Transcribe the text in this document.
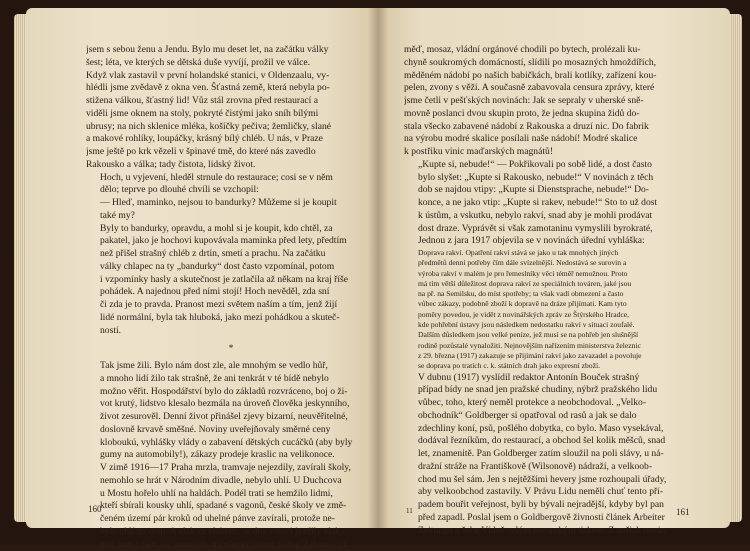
jsem s sebou ženu a Jendu. Bylo mu deset let, na začátku války
šest; léta, ve kterých se dětská duše vyvíjí, prožil ve válce.
Když vlak zastavil v první holandské stanici, v Oldenzaalu, vy-
hlédli jsme zvědavě z okna ven. Šťastná země, která nebyla po-
stižena válkou, šťastný lid! Vůz stál zrovna před restaurací a
viděli jsme oknem na stoly, pokryté čistými jako sníh bílými
ubrusy; na nich sklenice mléka, košíčky pečiva; žemličky, slané
a makové rohlíky, loupáčky, krásný bílý chléb. U nás, v Praze
jsme ještě po krk vězeli v špinavé tmě, do které nás zavedlo
Rakousko a válka; tady čistota, lidský život.

Hoch, u vyjevení, hleděl strnule do restaurace; cosi se v něm
dělo; teprve po dlouhé chvíli se vzchopil:

— Hleď, maminko, nejsou to bandurky? Můžeme si je koupit
také my?

Byly to bandurky, opravdu, a mohl si je koupit, kdo chtěl, za
pakatel, jako je hochovi kupovávala maminka před lety, předtím
než přišel strašný chléb z drtin, smetí a prachu. Na začátku
války chlapec na ty „bandurky“ dost často vzpomínal, potom
i vzpomínky hasly a skutečnost je zatlačila až někam na kraj říše
pohádek. A najednou před ními stojí! Hoch nevěděl, zda sní
či zda je to pravda. Pranost mezi světem naším a tím, jenž žijí
lidé normální, byla tak hluboká, jako mezi pohádkou a skuteč-
ností.

*

Tak jsme žili. Bylo nám dost zle, ale mnohým se vedlo hůř,
a mnoho lidí žilo tak strašně, že ani tenkrát v té bídě nebylo
možno věřit. Hospodářství bylo do základů rozvráceno, boj o ži-
vot krutý, lidstvo klesalo bezmála na úroveň člověka jeskynního,
život zesurověl. Denní život přinášel zjevy bizarní, neuvěřitelné,
doslovně krvavě směšné. Noviny uveřejňovaly směrné ceny
kloboukú, vyhlášky vlády o zabavení dětských cucáčků (aby byly
gumy na automobily!), zákazy prodeje kraslic na velikonoce.
V zimě 1916—17 Praha mrzla, tramvaje nejezdily, zavírali školy,
nemohlo se hrát v Národním divadle, nebylo uhlí. U Duchcova
u Mostu hořelo uhlí na haldách. Podél trati se hemžilo lidmi,
kteří sbírali kousky uhlí, spadané s vagonů, české školy ve změ-
čeném území pár kroků od uhelné pánve zavírali, protože ne-
bylo uhlí na otop. A vlak za vlakem, ve dne v noci jezdily vlaky
uhlí sem a tam, na sever, jih, na všecky strany světa. Zabavovali

160

měď, mosaz, vládní orgánové chodili po bytech, prolézali ku-
chyně soukromých domácností, slídili po mosazných hmoždířích,
měděném nádobí po našich babičkách, brali kotlíky, zařízení kou-
pelen, zvony s věží. A současně zabavovala censura zprávy, které
jsme četli v pešťských novinách: Jak se sepraly v uherské sně-
movně poslanci dvou skupin proto, že jedna skupina židů do-
stala všecko zabavené nádobí z Rakouska a druzí nic. Do fabrik
na výrobu modré skalice posílali naše nádobí! Modré skalice
k postřiku vinic maďarských magnátů!

„Kupte si, nebude!“ — Pokřikovali po sobě lidé, a dost často
bylo slyšet: „Kupte si Rakousko, nebude!“ V novinách z těch
dob se najdou vtipy: „Kupte si Dienstsprache, nebude!“ Do-
konce, a ne jako vtip: „Kupte si rakev, nebude!“ Sto to už dost
k ústům, a vskutku, nebylo rakví, snad aby je mohli prodávat
dost draze. Vyprávět si však zamotaninu vymyslili byrokraté,
Jednou z jara 1917 objevila se v novinách úřední vyhláška:

Doprava rakví. Opatření rakví stává se jako u tak mnohých jiných
předmětů denní potřeby čím dále svízelnější. Nedostává se surovin a
výroba rakví v malém je pro řemeslníky věcí téměř nemožnou. Proto
má tím větší důležitost doprava rakví ze speciálních továren, jaké jsou
na př. na Semilsku, do míst spotřeby; ta však vadí obmezení a často
vůbec zákazy, podobně zboží k dopravě na dráze přijímati. Kam tyto
poměry povedou, je vidět z novinářských zpráv ze Štýrského Hradce,
kde pohřební ústavy jsou následkem nedostatku rakví v situaci zoufalé.
Dalším důsledkem jsou velké peníze, jež musí se na pohřeb jen slušnější
rodině pozůstalé vynaložiti. Nejnovějším nařízením ministerstva železnic
z 29. března (1917) zakazuje se přijímání rakví jako zavazadel a povoluje
se doprava po tratích c. k. státních drah jako expresní zboží.

V dubnu (1917) vyslídil redaktor Antonín Bouček strašný
případ bídy ne snad jen pražské chudiny, nýbrž pražského lidu
vůbec, toho, který neměl protekce a neobchodoval. „Velko-
obchodník“ Goldberger si opatřoval od rasů a jak se dalo
zdechliny koní, psů, pošlého dobytka, co bylo. Maso vysekával,
dodával řezníkům, do restaurací, a obchod šel kolik měšců, snad
let, znamenitě. Pan Goldberger zatím sloužil na poli slávy, u ná-
dražní stráže na Františkově (Wilsonově) nádraží, a velkoob-
chod mu šel sám. Jen s nejtěžšími hevery jsme rozhoupali úřady,
aby velkoobchod zastavily. V Právu Lidu neměli chuť tento pří-
padem bouřit veřejnost, byli by bývali nejradější, kdyby byl pan
před zapadl. Poslal jsem o Goldbergově živnosti článek Arbeiter
Zeitungu a šel z Vídně celým evropským tiskem. Z našich novin

11	161
